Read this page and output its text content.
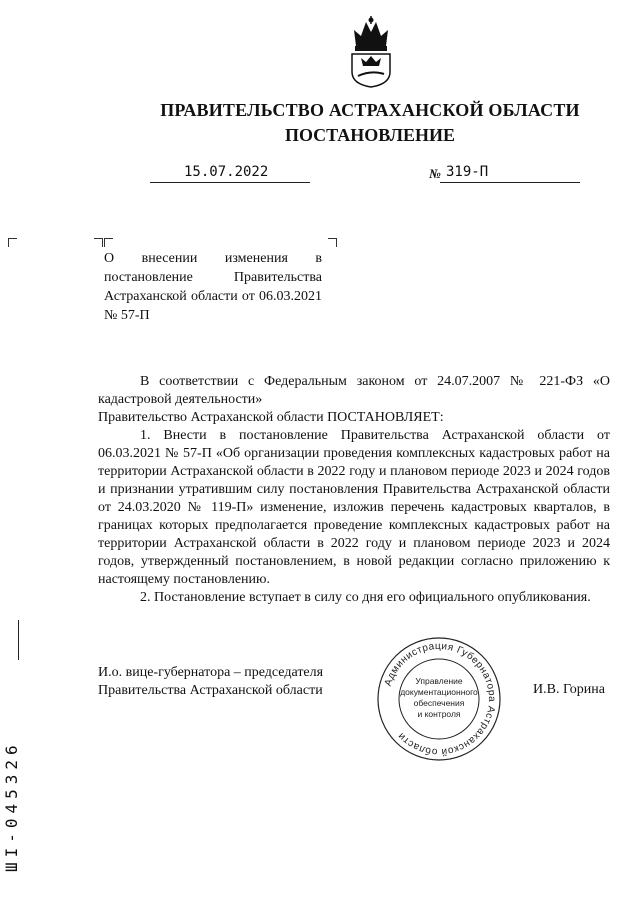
ПРАВИТЕЛЬСТВО АСТРАХАНСКОЙ ОБЛАСТИ
ПОСТАНОВЛЕНИЕ
15.07.2022	№ 319-П
О внесении изменения в постановление Правительства Астраханской области от 06.03.2021 № 57-П

В соответствии с Федеральным законом от 24.07.2007 № 221-ФЗ «О кадастровой деятельности»

Правительство Астраханской области ПОСТАНОВЛЯЕТ:

1. Внести в постановление Правительства Астраханской области от 06.03.2021 № 57-П «Об организации проведения комплексных кадастровых работ на территории Астраханской области в 2022 году и плановом периоде 2023 и 2024 годов и признании утратившим силу постановления Правительства Астраханской области от 24.03.2020 № 119-П» изменение, изложив перечень кадастровых кварталов, в границах которых предполагается проведение комплексных кадастровых работ на территории Астраханской области в 2022 году и плановом периоде 2023 и 2024 годов, утвержденный постановлением, в новой редакции согласно приложению к настоящему постановлению.

2. Постановление вступает в силу со дня его официального опубликования.

И.о. вице-губернатора – председателя
Правительства Астраханской области	И.В. Горина
Администрация Губернатора Астраханской области
Управление
документационного
обеспечения
и контроля
ШІ-045326
